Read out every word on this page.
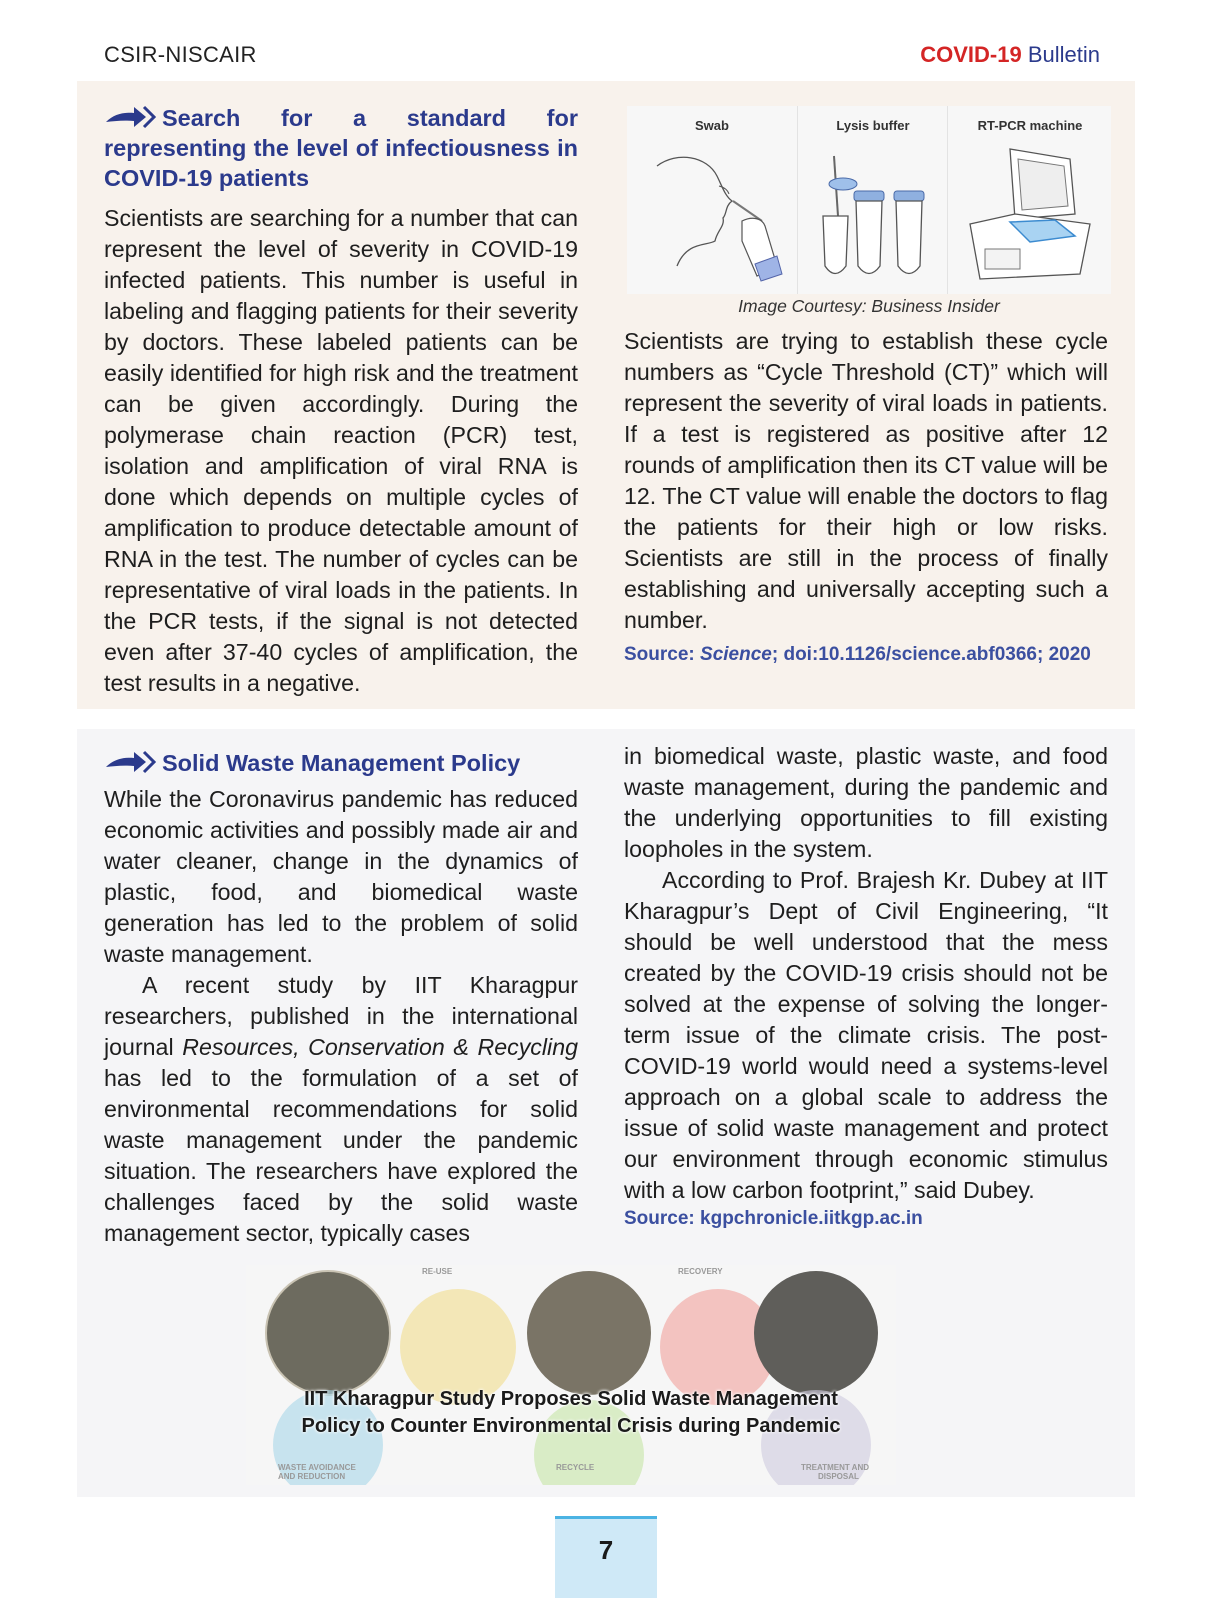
CSIR-NISCAIR	COVID-19 Bulletin
Search for a standard for representing the level of infectiousness in COVID-19 patients

Scientists are searching for a number that can represent the level of severity in COVID-19 infected patients. This number is useful in labeling and flagging patients for their severity by doctors. These labeled patients can be easily identified for high risk and the treatment can be given accordingly. During the polymerase chain reaction (PCR) test, isolation and amplification of viral RNA is done which depends on multiple cycles of amplification to produce detectable amount of RNA in the test. The number of cycles can be representative of viral loads in the patients. In the PCR tests, if the signal is not detected even after 37-40 cycles of amplification, the test results in a negative.

Swab	Lysis buffer	RT-PCR machine
Image Courtesy: Business Insider

Scientists are trying to establish these cycle numbers as “Cycle Threshold (CT)” which will represent the severity of viral loads in patients. If a test is registered as positive after 12 rounds of amplification then its CT value will be 12. The CT value will enable the doctors to flag the patients for their high or low risks. Scientists are still in the process of finally establishing and universally accepting such a number.

Source: Science; doi:10.1126/science.abf0366; 2020
Solid Waste Management Policy

While the Coronavirus pandemic has reduced economic activities and possibly made air and water cleaner, change in the dynamics of plastic, food, and biomedical waste generation has led to the problem of solid waste management.

A recent study by IIT Kharagpur researchers, published in the international journal Resources, Conservation & Recycling has led to the formulation of a set of environmental recommendations for solid waste management under the pandemic situation. The researchers have explored the challenges faced by the solid waste management sector, typically cases

in biomedical waste, plastic waste, and food waste management, during the pandemic and the underlying opportunities to fill existing loopholes in the system.

According to Prof. Brajesh Kr. Dubey at IIT Kharagpur’s Dept of Civil Engineering, “It should be well understood that the mess created by the COVID-19 crisis should not be solved at the expense of solving the longer-term issue of the climate crisis. The post-COVID-19 world would need a systems-level approach on a global scale to address the issue of solid waste management and protect our environment through economic stimulus with a low carbon footprint,” said Dubey.

Source: kgpchronicle.iitkgp.ac.in
RE-USE	RECOVERY
WASTE AVOIDANCE
AND REDUCTION
RECYCLE	TREATMENT AND
DISPOSAL
IIT Kharagpur Study Proposes Solid Waste Management
Policy to Counter Environmental Crisis during Pandemic
7
